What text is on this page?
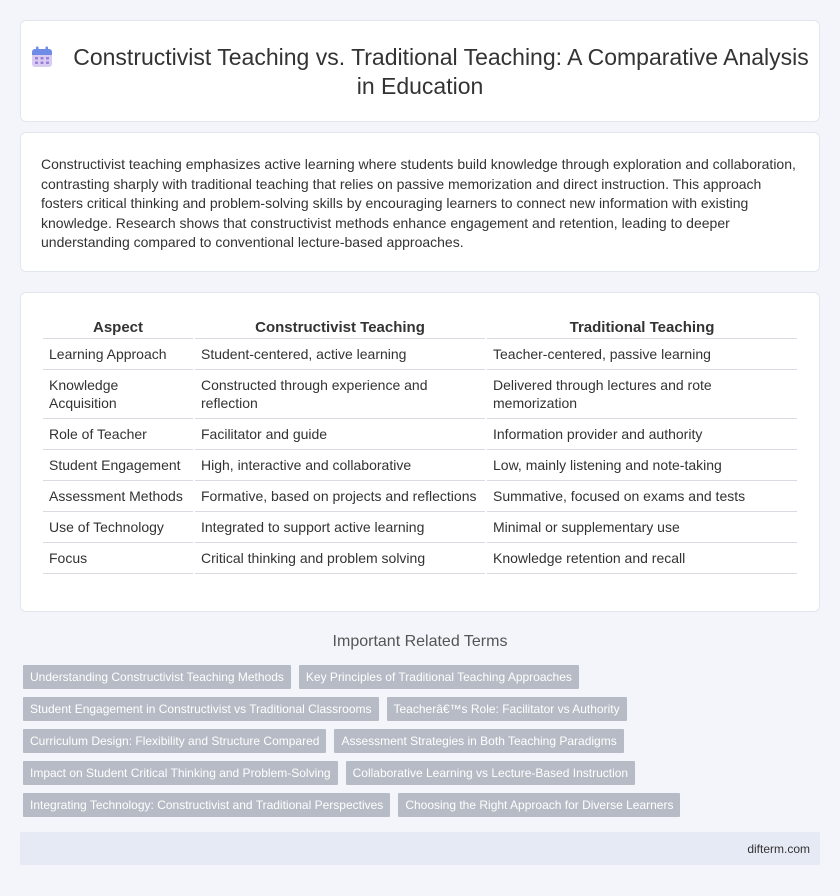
Constructivist Teaching vs. Traditional Teaching: A Comparative Analysis in Education

Constructivist teaching emphasizes active learning where students build knowledge through exploration and collaboration, contrasting sharply with traditional teaching that relies on passive memorization and direct instruction. This approach fosters critical thinking and problem-solving skills by encouraging learners to connect new information with existing knowledge. Research shows that constructivist methods enhance engagement and retention, leading to deeper understanding compared to conventional lecture-based approaches.

Aspect	Constructivist Teaching	Traditional Teaching
Learning Approach	Student-centered, active learning	Teacher-centered, passive learning
Knowledge Acquisition	Constructed through experience and reflection	Delivered through lectures and rote memorization
Role of Teacher	Facilitator and guide	Information provider and authority
Student Engagement	High, interactive and collaborative	Low, mainly listening and note-taking
Assessment Methods	Formative, based on projects and reflections	Summative, focused on exams and tests
Use of Technology	Integrated to support active learning	Minimal or supplementary use
Focus	Critical thinking and problem solving	Knowledge retention and recall
Important Related Terms
Understanding Constructivist Teaching Methods	Key Principles of Traditional Teaching Approaches
Student Engagement in Constructivist vs Traditional Classrooms	Teacherâ€™s Role: Facilitator vs Authority
Curriculum Design: Flexibility and Structure Compared	Assessment Strategies in Both Teaching Paradigms
Impact on Student Critical Thinking and Problem-Solving	Collaborative Learning vs Lecture-Based Instruction
Integrating Technology: Constructivist and Traditional Perspectives	Choosing the Right Approach for Diverse Learners
difterm.com
